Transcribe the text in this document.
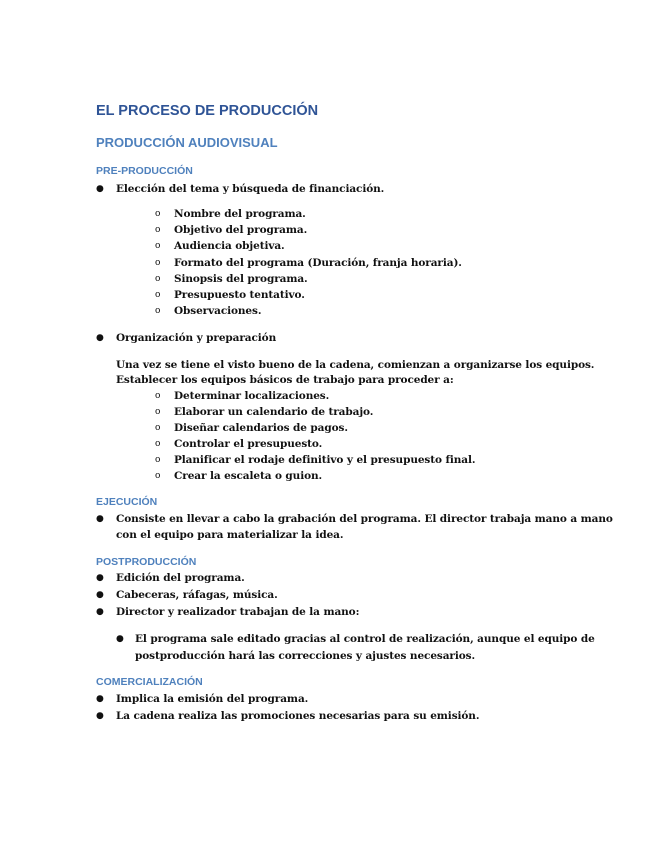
EL PROCESO DE PRODUCCIÓN
PRODUCCIÓN AUDIOVISUAL
PRE-PRODUCCIÓN
● Elección del tema y búsqueda de financiación.
o Nombre del programa.
o Objetivo del programa.
o Audiencia objetiva.
o Formato del programa (Duración, franja horaria).
o Sinopsis del programa.
o Presupuesto tentativo.
o Observaciones.
● Organización y preparación
Una vez se tiene el visto bueno de la cadena, comienzan a organizarse los equipos.
Establecer los equipos básicos de trabajo para proceder a:
o Determinar localizaciones.
o Elaborar un calendario de trabajo.
o Diseñar calendarios de pagos.
o Controlar el presupuesto.
o Planificar el rodaje definitivo y el presupuesto final.
o Crear la escaleta o guion.
EJECUCIÓN
● Consiste en llevar a cabo la grabación del programa. El director trabaja mano a mano
con el equipo para materializar la idea.
POSTPRODUCCIÓN
● Edición del programa.
● Cabeceras, ráfagas, música.
● Director y realizador trabajan de la mano:
● El programa sale editado gracias al control de realización, aunque el equipo de
postproducción hará las correcciones y ajustes necesarios.
COMERCIALIZACIÓN
● Implica la emisión del programa.
● La cadena realiza las promociones necesarias para su emisión.
